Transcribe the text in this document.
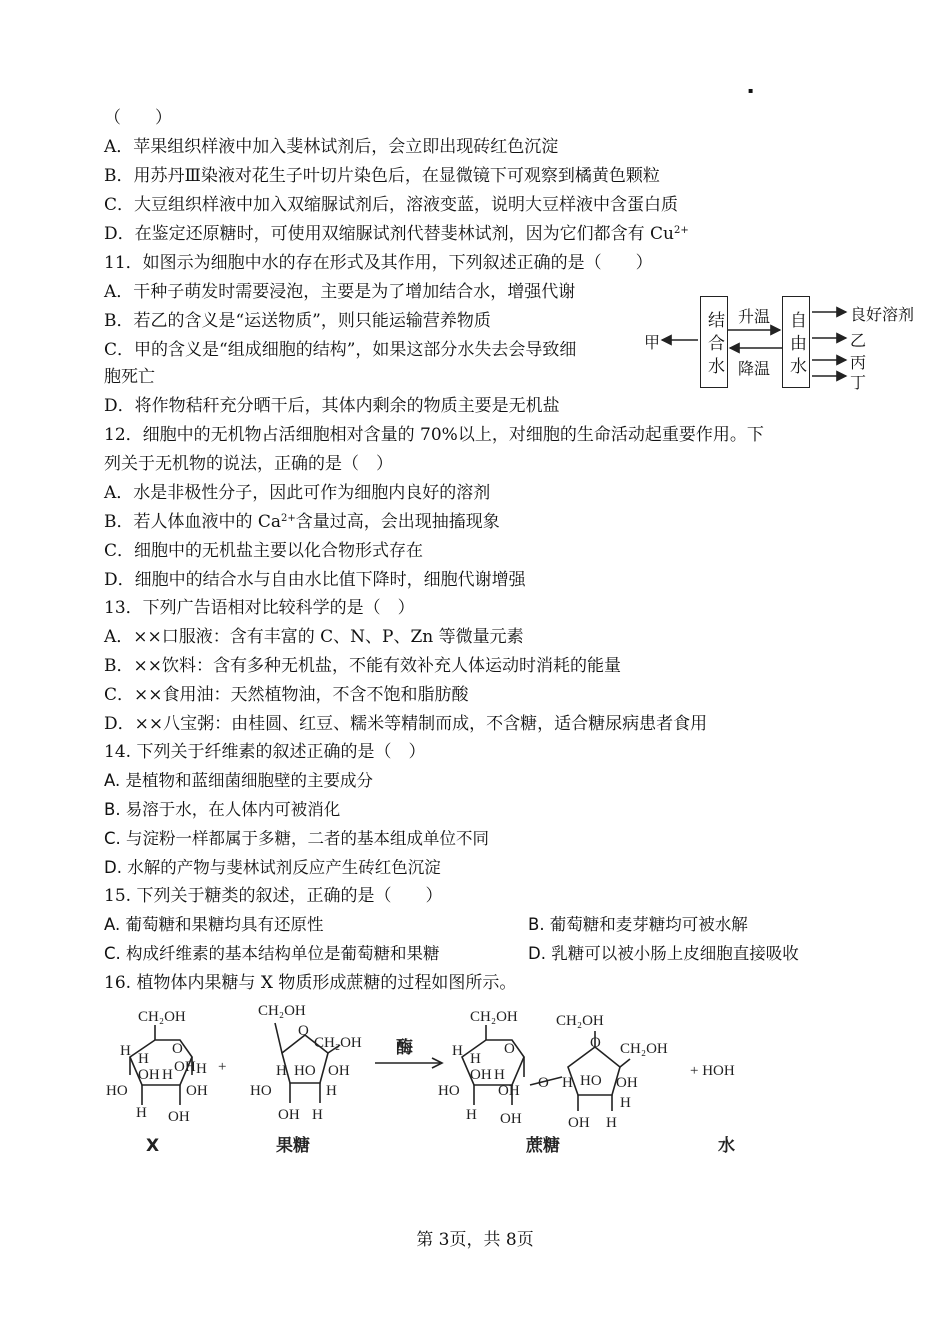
▪
（　　）
A．苹果组织样液中加入斐林试剂后，会立即出现砖红色沉淀
B．用苏丹Ⅲ染液对花生子叶切片染色后，在显微镜下可观察到橘黄色颗粒
C．大豆组织样液中加入双缩脲试剂后，溶液变蓝，说明大豆样液中含蛋白质
D．在鉴定还原糖时，可使用双缩脲试剂代替斐林试剂，因为它们都含有 $Cu^{2+}$
11．如图示为细胞中水的存在形式及其作用，下列叙述正确的是（　　）
A．干种子萌发时需要浸泡，主要是为了增加结合水，增强代谢
B．若乙的含义是“运送物质”，则只能运输营养物质
C．甲的含义是“组成细胞的结构”，如果这部分水失去会导致细
胞死亡
D．将作物秸秆充分晒干后，其体内剩余的物质主要是无机盐
结合水	自由水
升温
降温
甲
良好溶剂
乙
丙
丁
12．细胞中的无机物占活细胞相对含量的 70%以上，对细胞的生命活动起重要作用。下
列关于无机物的说法，正确的是（　）
A．水是非极性分子，因此可作为细胞内良好的溶剂
B．若人体血液中的 $Ca^{2+}$含量过高，会出现抽搐现象
C．细胞中的无机盐主要以化合物形式存在
D．细胞中的结合水与自由水比值下降时，细胞代谢增强
13．下列广告语相对比较科学的是（　）
A．××口服液：含有丰富的 C、N、P、Zn 等微量元素
B．××饮料：含有多种无机盐，不能有效补充人体运动时消耗的能量
C．××食用油：天然植物油，不含不饱和脂肪酸
D．××八宝粥：由桂圆、红豆、糯米等精制而成，不含糖，适合糖尿病患者食用
14. 下列关于纤维素的叙述正确的是（　）
A. 是植物和蓝细菌细胞壁的主要成分
B. 易溶于水，在人体内可被消化
C. 与淀粉一样都属于多糖，二者的基本组成单位不同
D. 水解的产物与斐林试剂反应产生砖红色沉淀
15. 下列关于糖类的叙述，正确的是（　　）
A. 葡萄糖和果糖均具有还原性	B. 葡萄糖和麦芽糖均可被水解
C. 构成纤维素的基本结构单位是葡萄糖和果糖	D. 乳糖可以被小肠上皮细胞直接吸收
16. 植物体内果糖与 X 物质形成蔗糖的过程如图所示。
CH₂OH
O
H H
OH H OH H
HO	OH
H OH
+
CH₂OH
O
CH₂OH
H HO OH
HO	H
OH H
酶
CH₂OH
O
H H
OH H
HO	OH
H OH
O
CH₂OH
O CH₂OH
H HO OH
H
OH H
+ HOH
X	果糖	蔗糖	水
第 3页，共 8页
